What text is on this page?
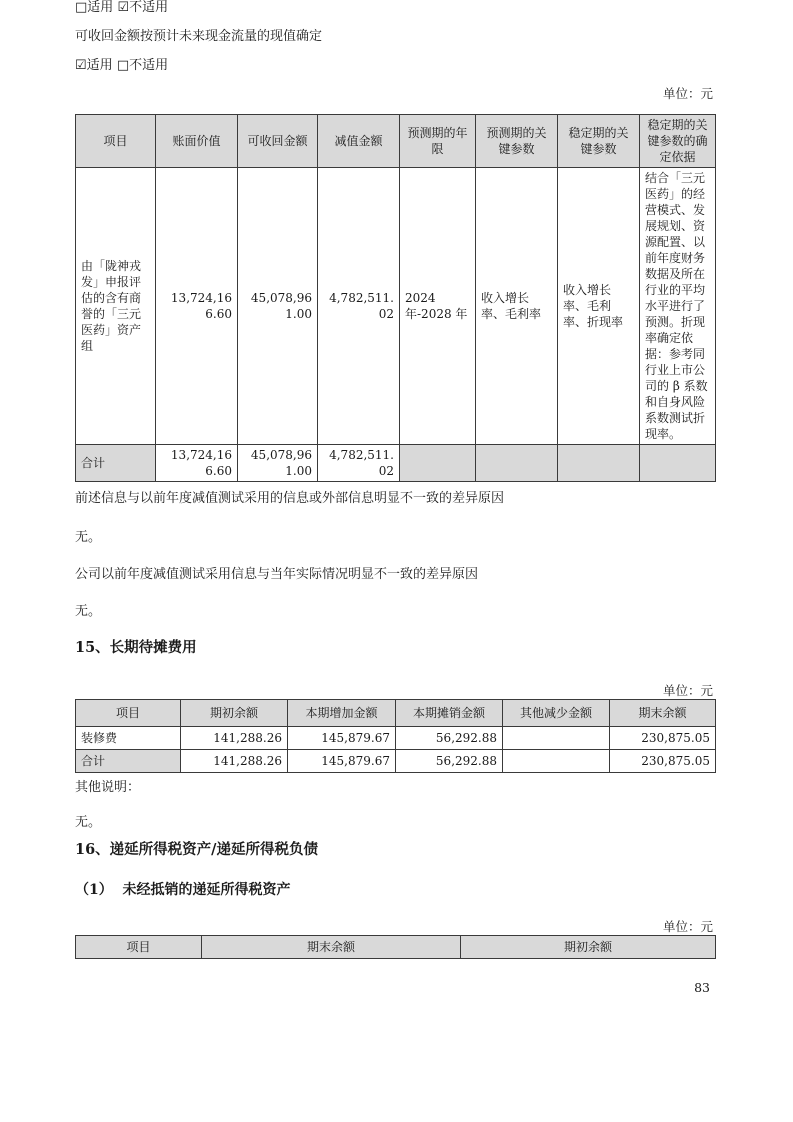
□适用 ☑不适用

可收回金额按预计未来现金流量的现值确定

☑适用 □不适用

单位：元

项目	账面价值	可收回金额	减值金额	预测期的年限	预测期的关键参数	稳定期的关键参数	稳定期的关键参数的确定依据
由「陇神戎发」申报评估的含有商誉的「三元医药」资产组	13,724,166.60	45,078,961.00	4,782,511.02	2024 年-2028 年	收入增长率、毛利率	收入增长率、毛利率、折现率	结合「三元医药」的经营模式、发展规划、资源配置、以前年度财务数据及所在行业的平均水平进行了预测。折现率确定依据：参考同行业上市公司的 β 系数和自身风险系数测试折现率。
合计	13,724,166.60	45,078,961.00	4,782,511.02				

前述信息与以前年度减值测试采用的信息或外部信息明显不一致的差异原因

无。

公司以前年度减值测试采用信息与当年实际情况明显不一致的差异原因

无。

15、长期待摊费用

单位：元

项目	期初余额	本期增加金额	本期摊销金额	其他减少金额	期末余额
装修费	141,288.26	145,879.67	56,292.88		230,875.05
合计	141,288.26	145,879.67	56,292.88		230,875.05

其他说明：

无。

16、递延所得税资产/递延所得税负债
（1）  未经抵销的递延所得税资产

单位：元

项目	期末余额	期初余额

83
